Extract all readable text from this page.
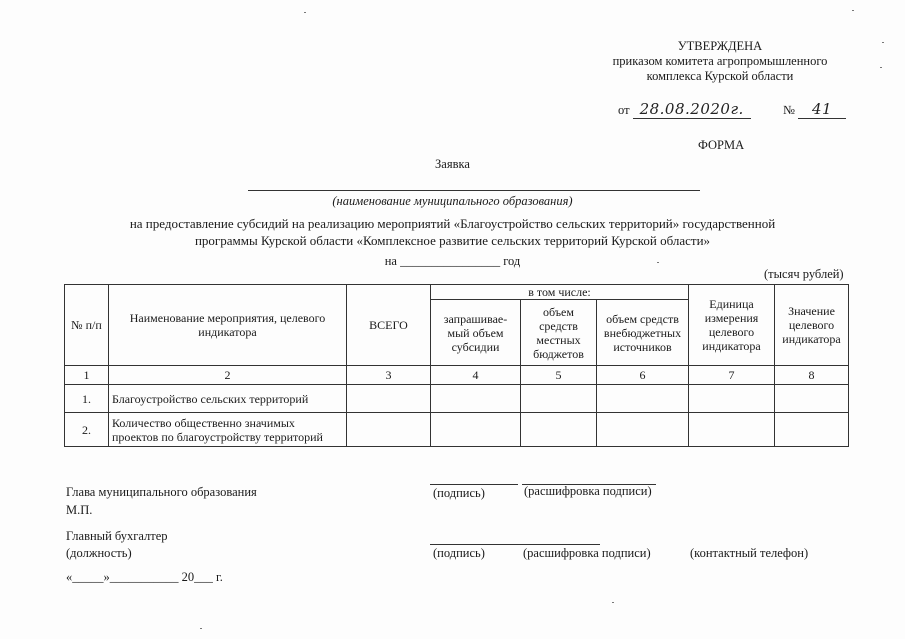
УТВЕРЖДЕНА
приказом комитета агропромышленного
комплекса Курской области
от 28.08.2020г.	№ 41
ФОРМА
Заявка
(наименование муниципального образования)
на предоставление субсидий на реализацию мероприятий «Благоустройство сельских территорий» государственной
программы Курской области «Комплексное развитие сельских территорий Курской области»
на ________________ год
(тысяч рублей)
№ п/п	Наименование мероприятия, целевого индикатора	ВСЕГО	в том числе:			Единица измерения целевого индикатора	Значение целевого индикатора
			запрашивае-мый объем субсидии	объем средств местных бюджетов	объем средств внебюджетных источников		
1	2	3	4	5	6	7	8
1.	Благоустройство сельских территорий						
2.	Количество общественно значимых проектов по благоустройству территорий						
Глава муниципального образования	(подпись)	(расшифровка подписи)
М.П.
Главный бухгалтер
(должность)	(подпись)	(расшифровка подписи)	(контактный телефон)
«_____»___________ 20___ г.
